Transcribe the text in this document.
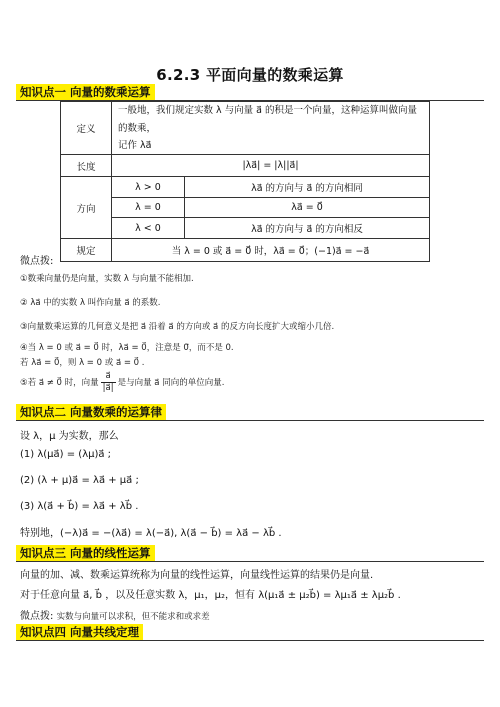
6.2.3 平面向量的数乘运算
知识点一 向量的数乘运算
定义	一般地，我们规定实数 λ 与向量 a⃗ 的积是一个向量，这种运算叫做向量的数乘，
记作 λa⃗	

长度	|λa⃗| = |λ||a⃗|	
方向	λ > 0	λa⃗ 的方向与 a⃗ 的方向相同
	λ = 0	λa⃗ = 0⃗
	λ < 0	λa⃗ 的方向与 a⃗ 的方向相反
规定	当 λ = 0 或 a⃗ = 0⃗ 时，λa⃗ = 0⃗；(−1)a⃗ = −a⃗	
微点拨:
①数乘向量仍是向量，实数 λ 与向量不能相加.
② λa⃗ 中的实数 λ 叫作向量 a⃗ 的系数.
③向量数乘运算的几何意义是把 a⃗ 沿着 a⃗ 的方向或 a⃗ 的反方向长度扩大或缩小几倍.
④当 λ = 0 或 a⃗ = 0⃗ 时，λa⃗ = 0⃗，注意是 0⃗，而不是 0.
若 λa⃗ = 0⃗，则 λ = 0 或 a⃗ = 0⃗ .
⑤若 a⃗ ≠ 0⃗ 时，向量 $\frac{a⃗}{|a⃗|}$ 是与向量 a⃗ 同向的单位向量.
知识点二 向量数乘的运算律
设 λ，μ 为实数，那么
(1) λ(μa⃗) = (λμ)a⃗ ;
(2) (λ + μ)a⃗ = λa⃗ + μa⃗ ;
(3) λ(a⃗ + b⃗) = λa⃗ + λb⃗ .
特别地，(−λ)a⃗ = −(λa⃗) = λ(−a⃗), λ(a⃗ − b⃗) = λa⃗ − λb⃗ .
知识点三 向量的线性运算
向量的加、减、数乘运算统称为向量的线性运算，向量线性运算的结果仍是向量.
对于任意向量 a⃗, b⃗ ，以及任意实数 λ，μ₁，μ₂，恒有 λ(μ₁a⃗ ± μ₂b⃗) = λμ₁a⃗ ± λμ₂b⃗ .
微点拨: 实数与向量可以求积，但不能求和或求差
知识点四 向量共线定理
